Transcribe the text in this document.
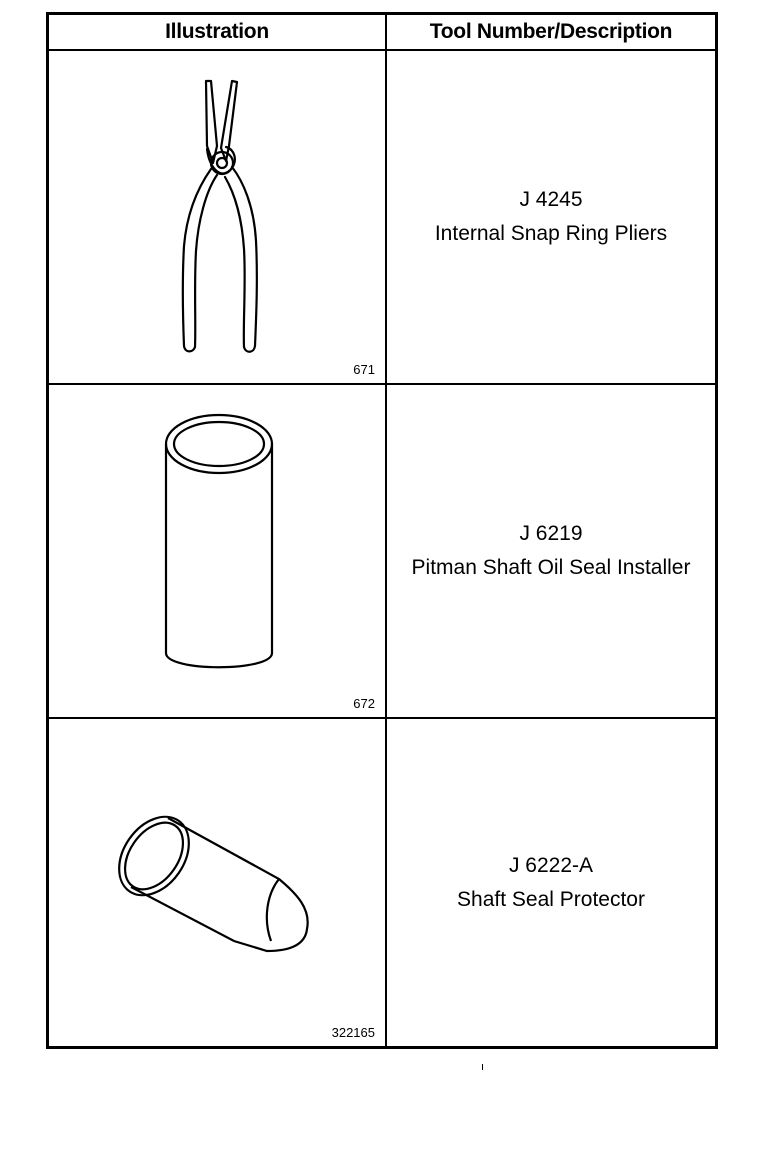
Illustration	Tool Number/Description
671
J 4245
Internal Snap Ring Pliers
672
J 6219
Pitman Shaft Oil Seal Installer
322165
J 6222-A
Shaft Seal Protector
